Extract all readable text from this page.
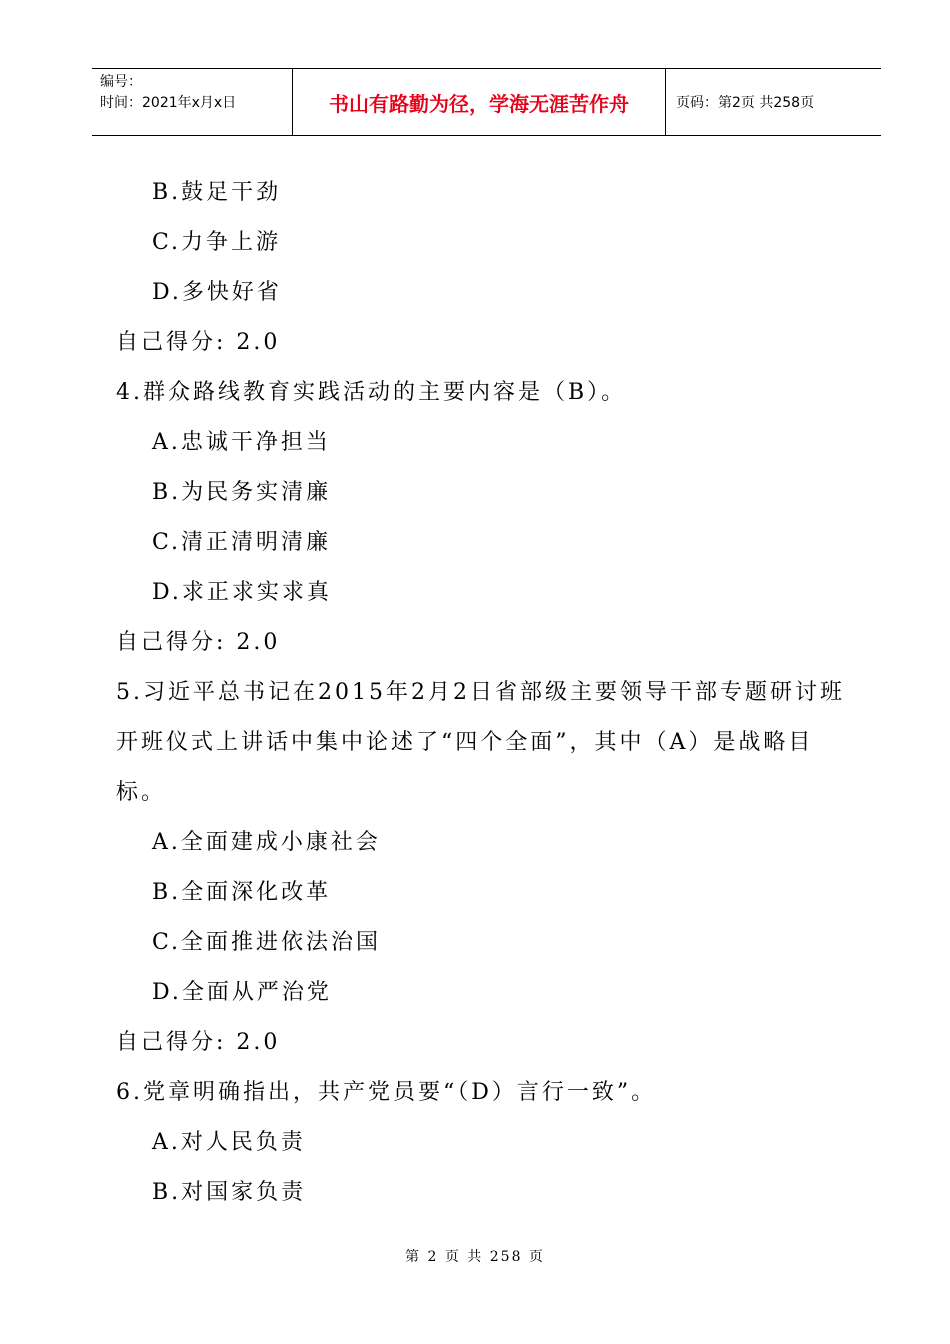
编号：
时间：2021年x月x日	书山有路勤为径，学海无涯苦作舟	页码：第2页 共258页
B.鼓足干劲
C.力争上游
D.多快好省
自己得分: 2.0
4.群众路线教育实践活动的主要内容是（B）。
A.忠诚干净担当
B.为民务实清廉
C.清正清明清廉
D.求正求实求真
自己得分: 2.0
5.习近平总书记在2015年2月2日省部级主要领导干部专题研讨班
开班仪式上讲话中集中论述了“四个全面”，其中（A）是战略目
标。
A.全面建成小康社会
B.全面深化改革
C.全面推进依法治国
D.全面从严治党
自己得分: 2.0
6.党章明确指出，共产党员要“（D）言行一致”。
A.对人民负责
B.对国家负责
第 2 页 共 258 页
